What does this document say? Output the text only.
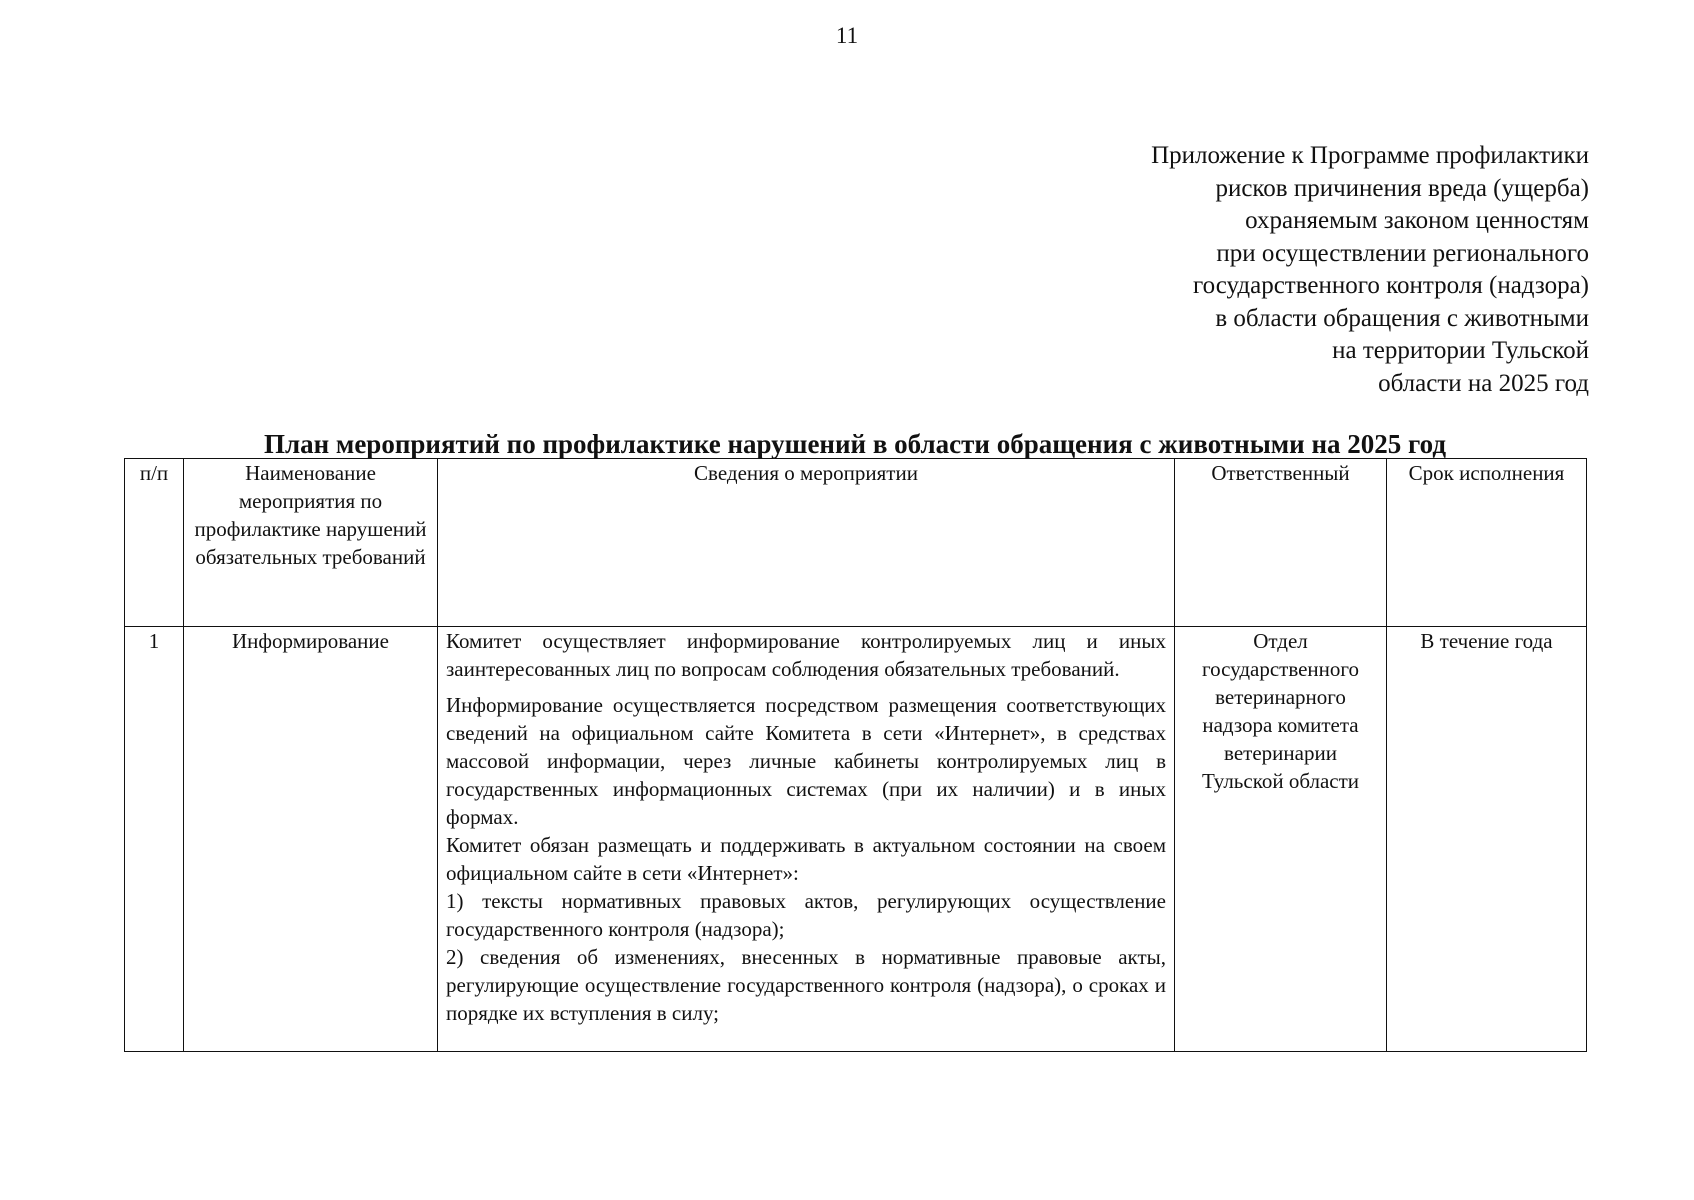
11
Приложение к Программе профилактики
рисков причинения вреда (ущерба)
охраняемым законом ценностям
при осуществлении регионального
государственного контроля (надзора)
в области обращения с животными
на территории Тульской
области на 2025 год
План мероприятий по профилактике нарушений в области обращения с животными на 2025 год
п/п	Наименование мероприятия по профилактике нарушений обязательных требований	Сведения о мероприятии	Ответственный	Срок исполнения
1	Информирование	Комитет осуществляет информирование контролируемых лиц и иных заинтересованных лиц по вопросам соблюдения обязательных требований.

Информирование осуществляется посредством размещения соответствующих сведений на официальном сайте Комитета в сети «Интернет», в средствах массовой информации, через личные кабинеты контролируемых лиц в государственных информационных системах (при их наличии) и в иных формах.

Комитет обязан размещать и поддерживать в актуальном состоянии на своем официальном сайте в сети «Интернет»:

1) тексты нормативных правовых актов, регулирующих осуществление государственного контроля (надзора);

2) сведения об изменениях, внесенных в нормативные правовые акты, регулирующие осуществление государственного контроля (надзора), о сроках и порядке их вступления в силу;	Отдел государственного ветеринарного надзора комитета ветеринарии Тульской области	В течение года
